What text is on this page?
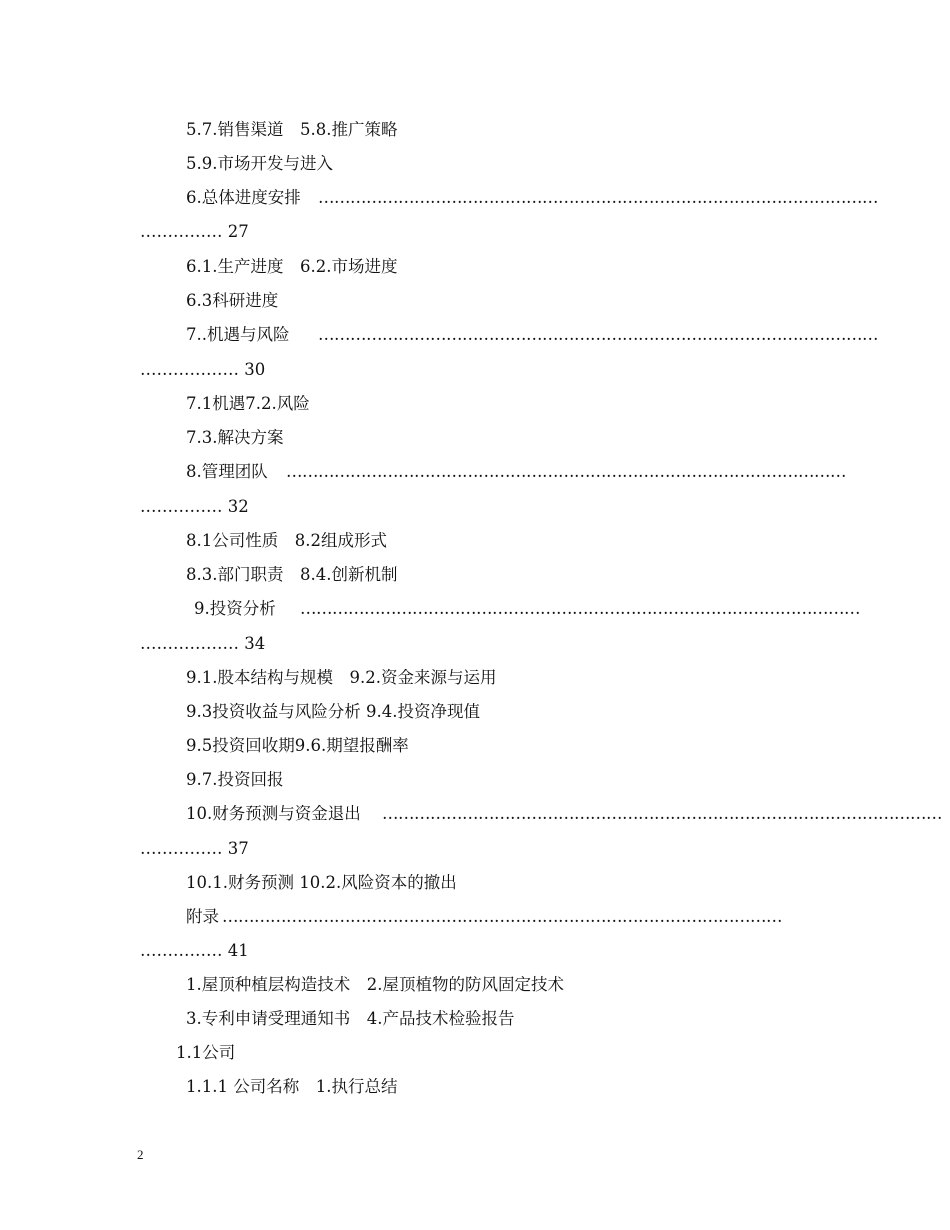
5.7.销售渠道　5.8.推广策略
5.9.市场开发与进入
6.总体进度安排 ……………………………………………………………………………………………
…………… 27
6.1.生产进度　6.2.市场进度
6.3科研进度
7..机遇与风险 ……………………………………………………………………………………………
……………… 30
7.1机遇7.2.风险
7.3.解决方案
8.管理团队 ……………………………………………………………………………………………
…………… 32
8.1公司性质　8.2组成形式
8.3.部门职责　8.4.创新机制
9.投资分析 ……………………………………………………………………………………………
……………… 34
9.1.股本结构与规模　9.2.资金来源与运用
9.3投资收益与风险分析 9.4.投资净现值
9.5投资回收期9.6.期望报酬率
9.7.投资回报
10.财务预测与资金退出 ……………………………………………………………………………………………
…………… 37
10.1.财务预测 10.2.风险资本的撤出
附录 ……………………………………………………………………………………………
…………… 41
1.屋顶种植层构造技术　2.屋顶植物的防风固定技术
3.专利申请受理通知书　4.产品技术检验报告
1.1公司
1.1.1 公司名称　1.执行总结
2
